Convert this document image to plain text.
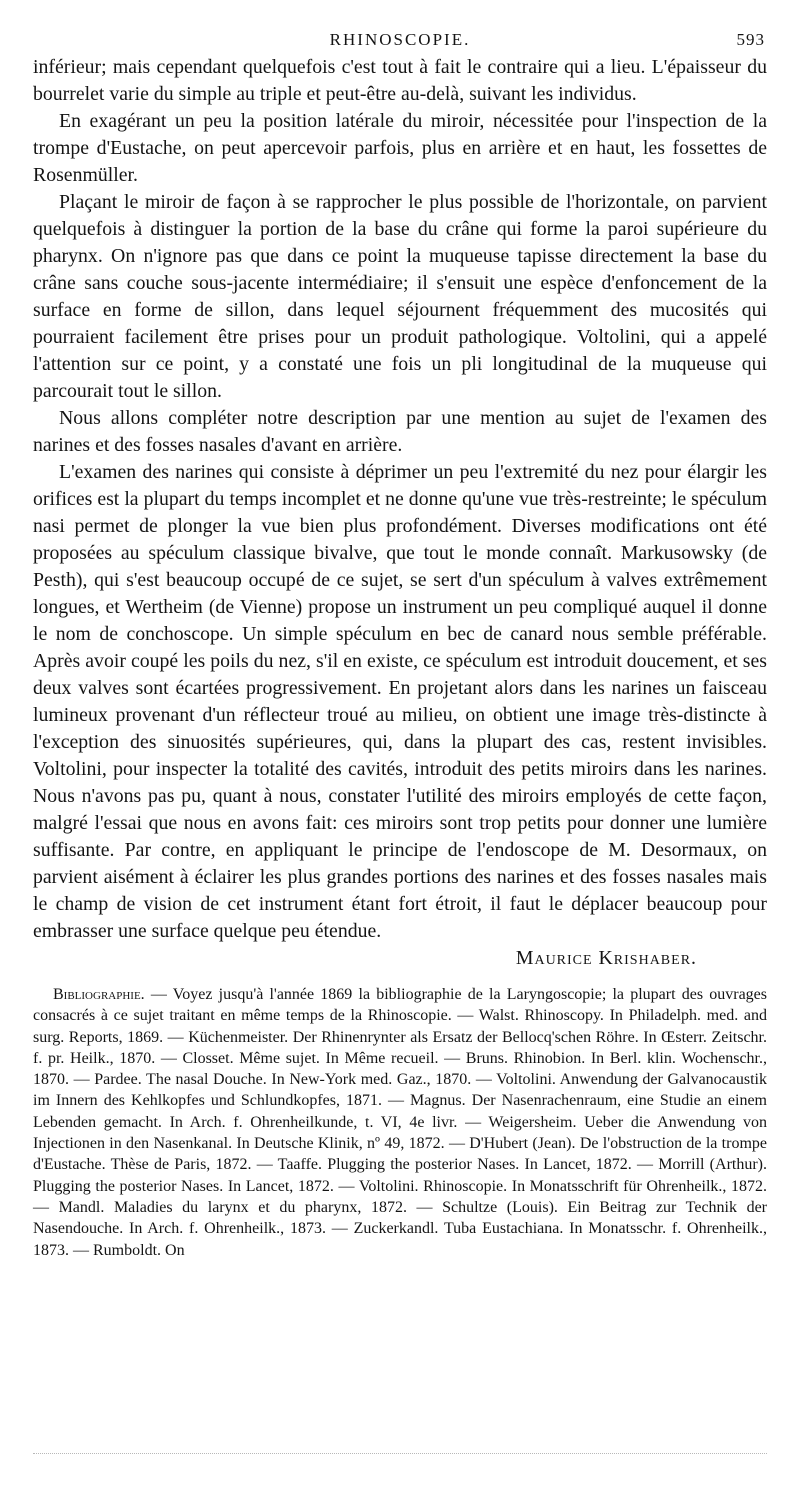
RHINOSCOPIE.	593

inférieur; mais cependant quelquefois c'est tout à fait le contraire qui a lieu. L'épaisseur du bourrelet varie du simple au triple et peut-être au-delà, suivant les individus.

En exagérant un peu la position latérale du miroir, nécessitée pour l'inspection de la trompe d'Eustache, on peut apercevoir parfois, plus en arrière et en haut, les fossettes de Rosenmüller.

Plaçant le miroir de façon à se rapprocher le plus possible de l'horizontale, on parvient quelquefois à distinguer la portion de la base du crâne qui forme la paroi supérieure du pharynx. On n'ignore pas que dans ce point la muqueuse tapisse directement la base du crâne sans couche sous-jacente intermédiaire; il s'ensuit une espèce d'enfoncement de la surface en forme de sillon, dans lequel séjournent fréquemment des mucosités qui pourraient facilement être prises pour un produit pathologique. Voltolini, qui a appelé l'attention sur ce point, y a constaté une fois un pli longitudinal de la muqueuse qui parcourait tout le sillon.

Nous allons compléter notre description par une mention au sujet de l'examen des narines et des fosses nasales d'avant en arrière.

L'examen des narines qui consiste à déprimer un peu l'extremité du nez pour élargir les orifices est la plupart du temps incomplet et ne donne qu'une vue très-restreinte; le spéculum nasi permet de plonger la vue bien plus profondément. Diverses modifications ont été proposées au spéculum classique bivalve, que tout le monde connaît. Markusowsky (de Pesth), qui s'est beaucoup occupé de ce sujet, se sert d'un spéculum à valves extrêmement longues, et Wertheim (de Vienne) propose un instrument un peu compliqué auquel il donne le nom de conchoscope. Un simple spéculum en bec de canard nous semble préférable. Après avoir coupé les poils du nez, s'il en existe, ce spéculum est introduit doucement, et ses deux valves sont écartées progressivement. En projetant alors dans les narines un faisceau lumineux provenant d'un réflecteur troué au milieu, on obtient une image très-distincte à l'exception des sinuosités supérieures, qui, dans la plupart des cas, restent invisibles. Voltolini, pour inspecter la totalité des cavités, introduit des petits miroirs dans les narines. Nous n'avons pas pu, quant à nous, constater l'utilité des miroirs employés de cette façon, malgré l'essai que nous en avons fait: ces miroirs sont trop petits pour donner une lumière suffisante. Par contre, en appliquant le principe de l'endoscope de M. Desormaux, on parvient aisément à éclairer les plus grandes portions des narines et des fosses nasales mais le champ de vision de cet instrument étant fort étroit, il faut le déplacer beaucoup pour embrasser une surface quelque peu étendue.

Maurice Krishaber.
Bibliographie. — Voyez jusqu'à l'année 1869 la bibliographie de la Laryngoscopie; la plupart des ouvrages consacrés à ce sujet traitant en même temps de la Rhinoscopie. — Walst. Rhinoscopy. In Philadelph. med. and surg. Reports, 1869. — Küchenmeister. Der Rhinenrynter als Ersatz der Bellocq'schen Röhre. In Œsterr. Zeitschr. f. pr. Heilk., 1870. — Closset. Même sujet. In Même recueil. — Bruns. Rhinobion. In Berl. klin. Wochenschr., 1870. — Pardee. The nasal Douche. In New-York med. Gaz., 1870. — Voltolini. Anwendung der Galvanocaustik im Innern des Kehlkopfes und Schlundkopfes, 1871. — Magnus. Der Nasenrachenraum, eine Studie an einem Lebenden gemacht. In Arch. f. Ohrenheilkunde, t. VI, 4e livr. — Weigersheim. Ueber die Anwendung von Injectionen in den Nasenkanal. In Deutsche Klinik, nº 49, 1872. — D'Hubert (Jean). De l'obstruction de la trompe d'Eustache. Thèse de Paris, 1872. — Taaffe. Plugging the posterior Nases. In Lancet, 1872. — Morrill (Arthur). Plugging the posterior Nases. In Lancet, 1872. — Voltolini. Rhinoscopie. In Monatsschrift für Ohrenheilk., 1872. — Mandl. Maladies du larynx et du pharynx, 1872. — Schultze (Louis). Ein Beitrag zur Technik der Nasendouche. In Arch. f. Ohrenheilk., 1873. — Zuckerkandl. Tuba Eustachiana. In Monatsschr. f. Ohrenheilk., 1873. — Rumboldt. On
